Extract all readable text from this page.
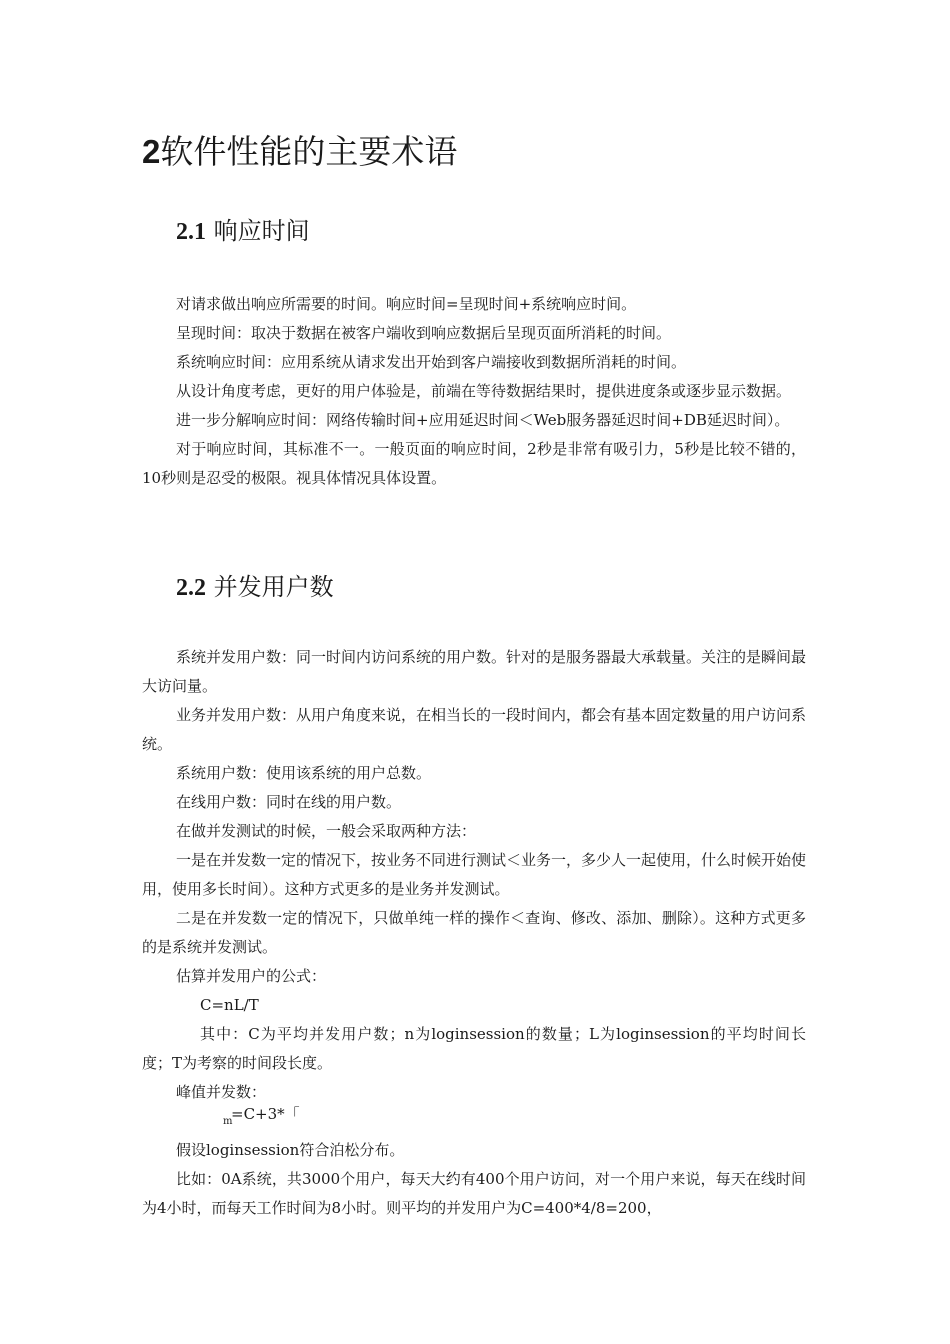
2软件性能的主要术语
2.1 响应时间

对请求做出响应所需要的时间。响应时间=呈现时间+系统响应时间。

呈现时间：取决于数据在被客户端收到响应数据后呈现页面所消耗的时间。

系统响应时间：应用系统从请求发出开始到客户端接收到数据所消耗的时间。

从设计角度考虑，更好的用户体验是，前端在等待数据结果时，提供进度条或逐步显示数据。

进一步分解响应时间：网络传输时间+应用延迟时间＜Web服务器延迟时间+DB延迟时间）。

对于响应时间，其标准不一。一般页面的响应时间，2秒是非常有吸引力，5秒是比较不错的，10秒则是忍受的极限。视具体情况具体设置。

2.2 并发用户数

系统并发用户数：同一时间内访问系统的用户数。针对的是服务器最大承载量。关注的是瞬间最大访问量。

业务并发用户数：从用户角度来说，在相当长的一段时间内，都会有基本固定数量的用户访问系统。

系统用户数：使用该系统的用户总数。

在线用户数：同时在线的用户数。

在做并发测试的时候，一般会采取两种方法：

一是在并发数一定的情况下，按业务不同进行测试＜业务一，多少人一起使用，什么时候开始使用，使用多长时间）。这种方式更多的是业务并发测试。

二是在并发数一定的情况下，只做单纯一样的操作＜查询、修改、添加、删除）。这种方式更多的是系统并发测试。

估算并发用户的公式：

C=nL/T

其中：C为平均并发用户数；n为loginsession的数量；L为loginsession的平均时间长度；T为考察的时间段长度。

峰值并发数：

m
=C+3*「

假设loginsession符合泊松分布。

比如：0A系统，共3000个用户，每天大约有400个用户访问，对一个用户来说，每天在线时间为4小时，而每天工作时间为8小时。则平均的并发用户为C=400*4/8=200，
